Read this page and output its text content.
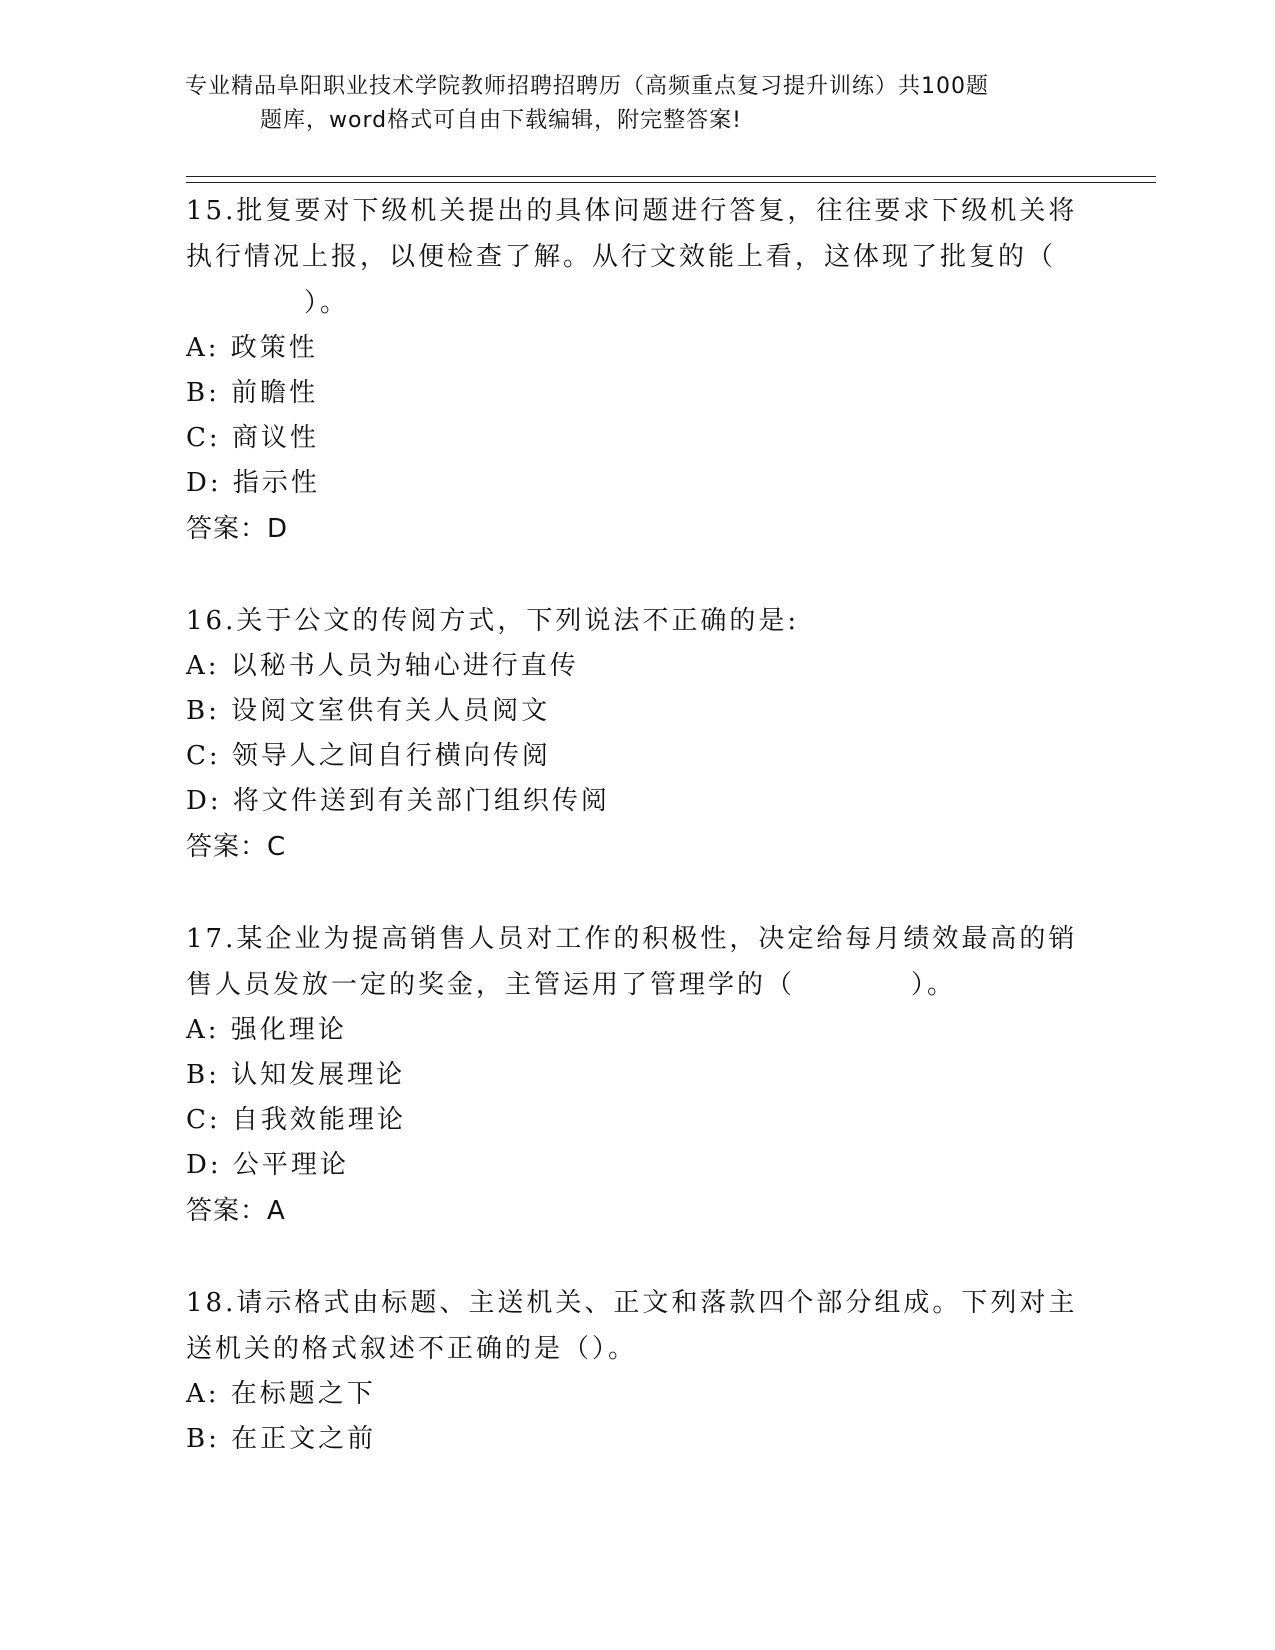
专业精品阜阳职业技术学院教师招聘招聘历（高频重点复习提升训练）共100题
题库，word格式可自由下载编辑，附完整答案!
15.批复要对下级机关提出的具体问题进行答复，往往要求下级机关将
执行情况上报，以便检查了解。从行文效能上看，这体现了批复的（
）。
A: 政策性
B: 前瞻性
C: 商议性
D: 指示性
答案：D
16.关于公文的传阅方式，下列说法不正确的是:
A: 以秘书人员为轴心进行直传
B: 设阅文室供有关人员阅文
C: 领导人之间自行横向传阅
D: 将文件送到有关部门组织传阅
答案：C
17.某企业为提高销售人员对工作的积极性，决定给每月绩效最高的销
售人员发放一定的奖金，主管运用了管理学的（　　　　）。
A: 强化理论
B: 认知发展理论
C: 自我效能理论
D: 公平理论
答案：A
18.请示格式由标题、主送机关、正文和落款四个部分组成。下列对主
送机关的格式叙述不正确的是（）。
A: 在标题之下
B: 在正文之前
